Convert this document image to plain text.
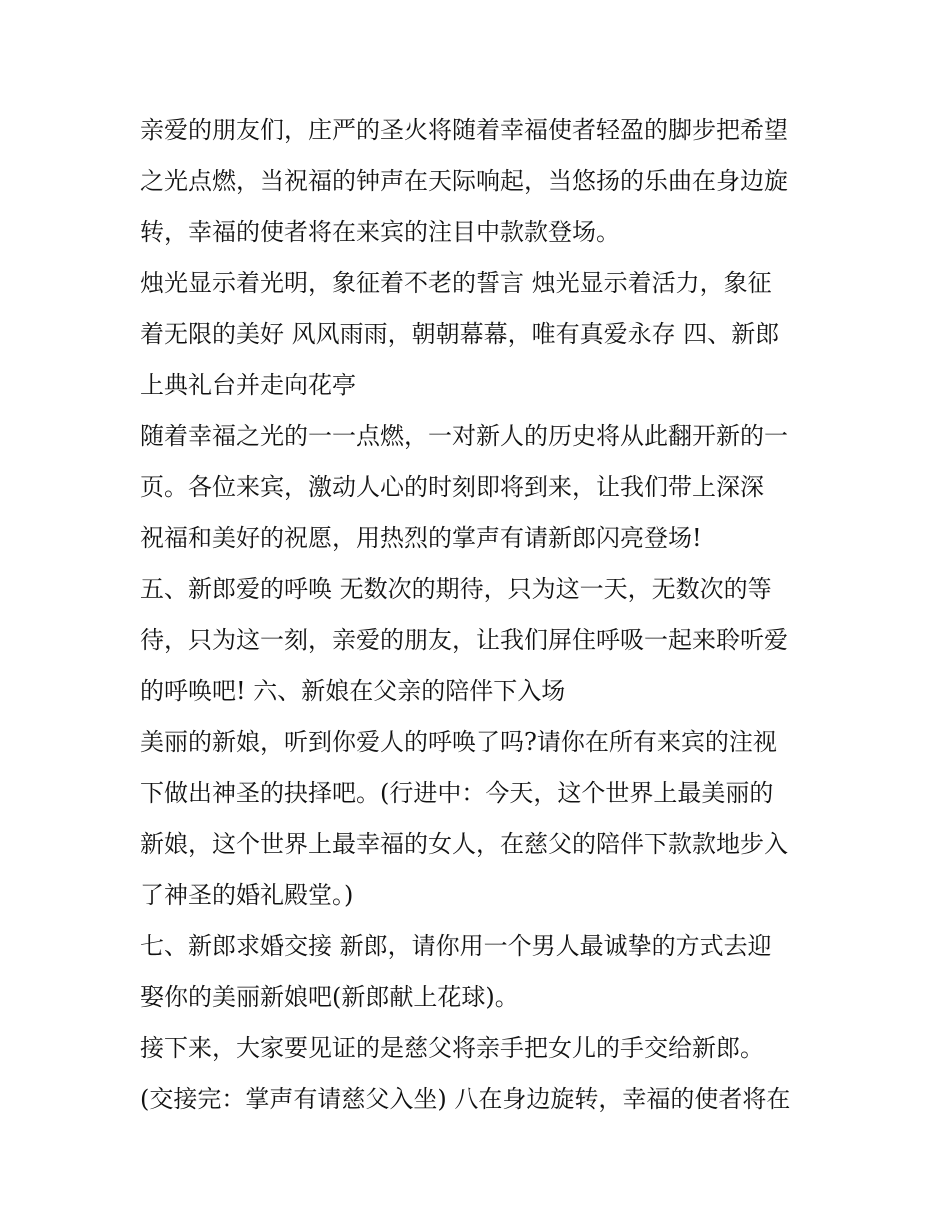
亲爱的朋友们，庄严的圣火将随着幸福使者轻盈的脚步把希望
之光点燃，当祝福的钟声在天际响起，当悠扬的乐曲在身边旋
转，幸福的使者将在来宾的注目中款款登场。
烛光显示着光明，象征着不老的誓言 烛光显示着活力，象征
着无限的美好 风风雨雨，朝朝幕幕，唯有真爱永存 四、新郎
上典礼台并走向花亭
随着幸福之光的一一点燃，一对新人的历史将从此翻开新的一
页。各位来宾，激动人心的时刻即将到来，让我们带上深深
祝福和美好的祝愿，用热烈的掌声有请新郎闪亮登场!
五、新郎爱的呼唤 无数次的期待，只为这一天，无数次的等
待，只为这一刻，亲爱的朋友，让我们屏住呼吸一起来聆听爱
的呼唤吧! 六、新娘在父亲的陪伴下入场
美丽的新娘，听到你爱人的呼唤了吗?请你在所有来宾的注视
下做出神圣的抉择吧。(行进中：今天，这个世界上最美丽的
新娘，这个世界上最幸福的女人，在慈父的陪伴下款款地步入
了神圣的婚礼殿堂。)
七、新郎求婚交接 新郎，请你用一个男人最诚挚的方式去迎
娶你的美丽新娘吧(新郎献上花球)。
接下来，大家要见证的是慈父将亲手把女儿的手交给新郎。
(交接完：掌声有请慈父入坐) 八在身边旋转，幸福的使者将在
